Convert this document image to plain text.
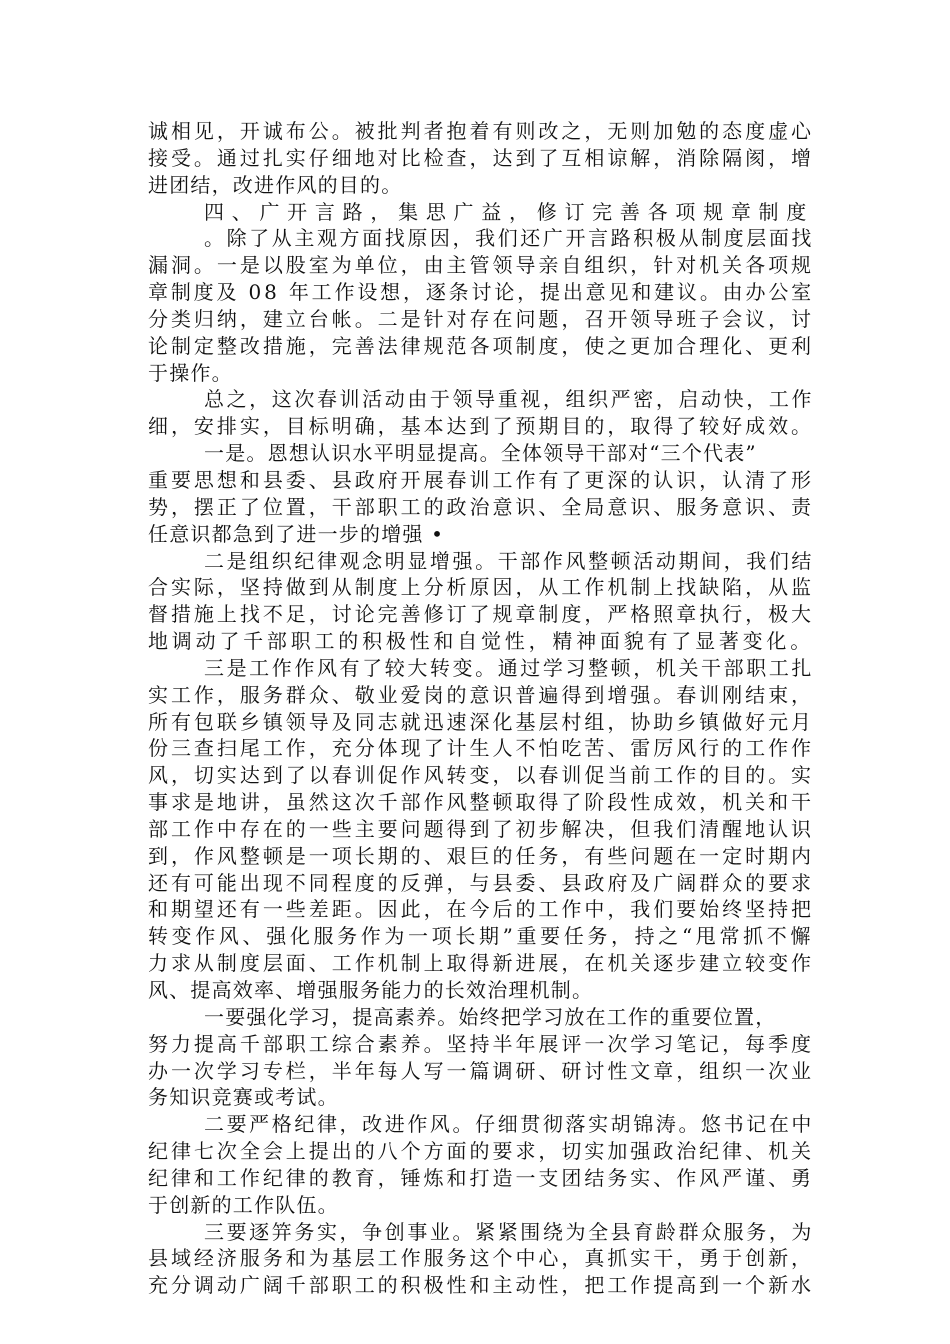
诚相见，开诚布公。被批判者抱着有则改之，无则加勉的态度虚心
接受。通过扎实仔细地对比检查，达到了互相谅解，消除隔阂，增
进团结，改进作风的目的。
四、广开言路，集思广益，修订完善各项规章制度
。除了从主观方面找原因，我们还广开言路积极从制度层面找
漏洞。一是以股室为单位，由主管领导亲自组织，针对机关各项规
章制度及 08 年工作设想，逐条讨论，提出意见和建议。由办公室
分类归纳，建立台帐。二是针对存在问题，召开领导班子会议，讨
论制定整改措施，完善法律规范各项制度，使之更加合理化、更利
于操作。
总之，这次春训活动由于领导重视，组织严密，启动快，工作
细，安排实，目标明确，基本达到了预期目的，取得了较好成效。
一是。恩想认识水平明显提高。全体领导干部对“三个代表”
重要思想和县委、县政府开展春训工作有了更深的认识，认清了形
势，摆正了位置，干部职工的政治意识、全局意识、服务意识、责
任意识都急到了进一步的增强 •
二是组织纪律观念明显增强。干部作风整顿活动期间，我们结
合实际，坚持做到从制度上分析原因，从工作机制上找缺陷，从监
督措施上找不足，讨论完善修订了规章制度，严格照章执行，极大
地调动了千部职工的积极性和自觉性，精神面貌有了显著变化。
三是工作作风有了较大转变。通过学习整顿，机关干部职工扎
实工作，服务群众、敬业爱岗的意识普遍得到增强。春训刚结束，
所有包联乡镇领导及同志就迅速深化基层村组，协助乡镇做好元月
份三查扫尾工作，充分体现了计生人不怕吃苦、雷厉风行的工作作
风，切实达到了以春训促作风转变，以春训促当前工作的目的。实
事求是地讲，虽然这次千部作风整顿取得了阶段性成效，机关和干
部工作中存在的一些主要问题得到了初步解决，但我们清醒地认识
到，作风整顿是一项长期的、艰巨的任务，有些问题在一定时期内
还有可能出现不同程度的反弹，与县委、县政府及广阔群众的要求
和期望还有一些差距。因此，在今后的工作中，我们要始终坚持把
转变作风、强化服务作为一项长期”重要任务，持之“甩常抓不懈
力求从制度层面、工作机制上取得新进展，在机关逐步建立较变作
风、提高效率、增强服务能力的长效治理机制。
一要强化学习，提高素养。始终把学习放在工作的重要位置，
努力提高千部职工综合素养。坚持半年展评一次学习笔记，每季度
办一次学习专栏，半年每人写一篇调研、研讨性文章，组织一次业
务知识竞赛或考试。
二要严格纪律，改进作风。仔细贯彻落实胡锦涛。悠书记在中
纪律七次全会上提出的八个方面的要求，切实加强政治纪律、机关
纪律和工作纪律的教育，锤炼和打造一支团结务实、作风严谨、勇
于创新的工作队伍。
三要逐笄务实，争创事业。紧紧围绕为全县育龄群众服务，为
县域经济服务和为基层工作服务这个中心，真抓实干，勇于创新，
充分调动广阔千部职工的积极性和主动性，把工作提高到一个新水
